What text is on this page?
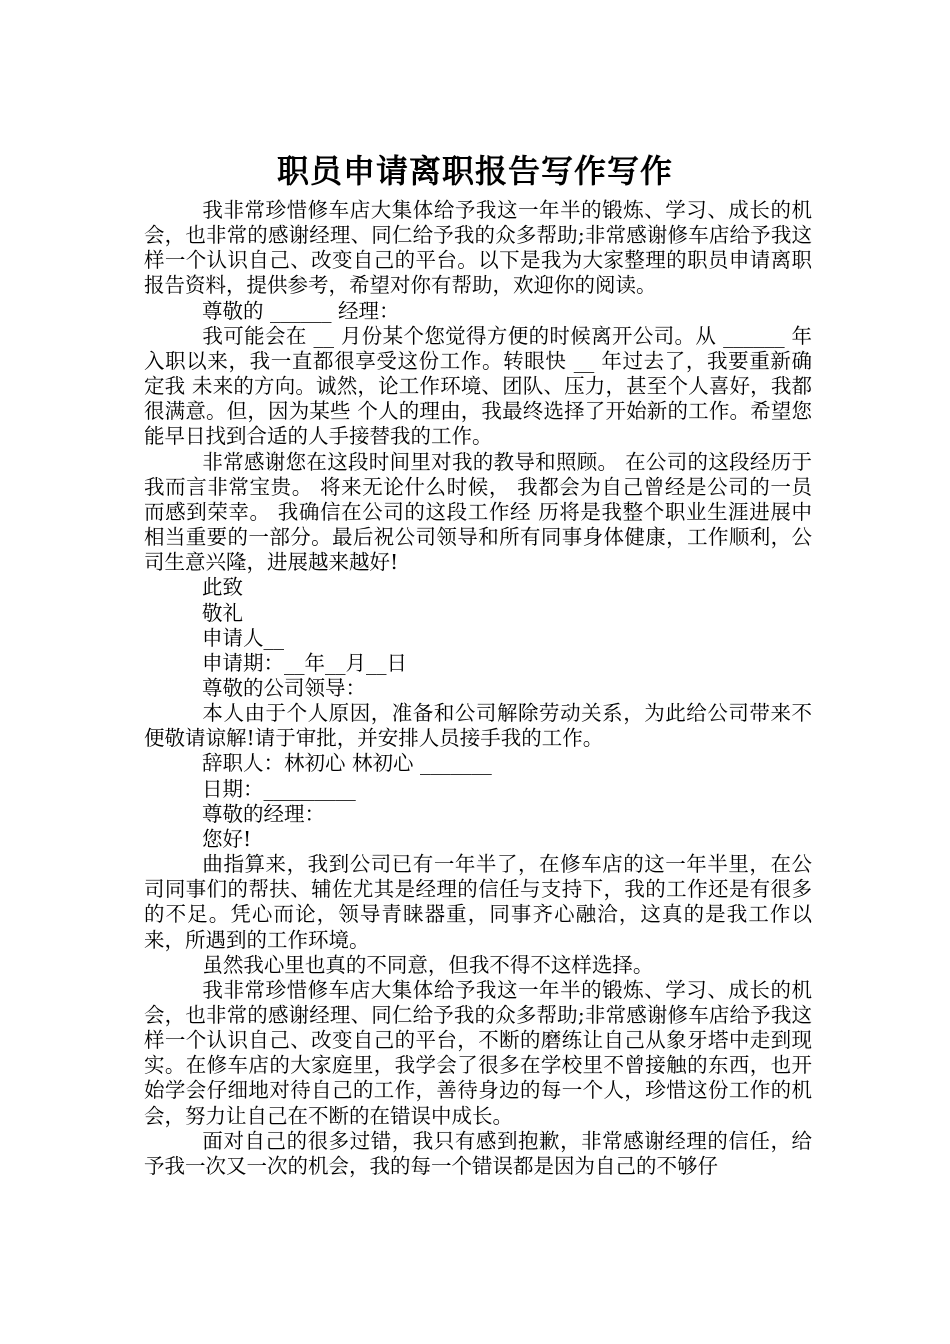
职员申请离职报告写作写作

我非常珍惜修车店大集体给予我这一年半的锻炼、学习、成长的机会，也非常的感谢经理、同仁给予我的众多帮助;非常感谢修车店给予我这样一个认识自己、改变自己的平台。以下是我为大家整理的职员申请离职报告资料，提供参考，希望对你有帮助，欢迎你的阅读。

尊敬的 ______ 经理：

我可能会在 __ 月份某个您觉得方便的时候离开公司。从 ______ 年入职以来，我一直都很享受这份工作。转眼快 __ 年过去了，我要重新确定我 未来的方向。诚然，论工作环境、团队、压力，甚至个人喜好，我都很满意。但，因为某些 个人的理由，我最终选择了开始新的工作。希望您能早日找到合适的人手接替我的工作。

非常感谢您在这段时间里对我的教导和照顾。 在公司的这段经历于我而言非常宝贵。 将来无论什么时候， 我都会为自己曾经是公司的一员而感到荣幸。 我确信在公司的这段工作经 历将是我整个职业生涯进展中相当重要的一部分。最后祝公司领导和所有同事身体健康，工作顺利，公司生意兴隆，进展越来越好!

此致

敬礼

申请人__

申请期：__年__月__日

尊敬的公司领导：

本人由于个人原因，准备和公司解除劳动关系，为此给公司带来不便敬请谅解!请于审批，并安排人员接手我的工作。

辞职人：林初心 林初心 _______

日期：_________

尊敬的经理：

您好!

曲指算来，我到公司已有一年半了，在修车店的这一年半里，在公司同事们的帮扶、辅佐尤其是经理的信任与支持下，我的工作还是有很多的不足。凭心而论，领导青睐器重，同事齐心融洽，这真的是我工作以来，所遇到的工作环境。

虽然我心里也真的不同意，但我不得不这样选择。

我非常珍惜修车店大集体给予我这一年半的锻炼、学习、成长的机会，也非常的感谢经理、同仁给予我的众多帮助;非常感谢修车店给予我这样一个认识自己、改变自己的平台，不断的磨练让自己从象牙塔中走到现实。在修车店的大家庭里，我学会了很多在学校里不曾接触的东西，也开始学会仔细地对待自己的工作，善待身边的每一个人，珍惜这份工作的机会，努力让自己在不断的在错误中成长。

面对自己的很多过错，我只有感到抱歉，非常感谢经理的信任，给予我一次又一次的机会，我的每一个错误都是因为自己的不够仔
